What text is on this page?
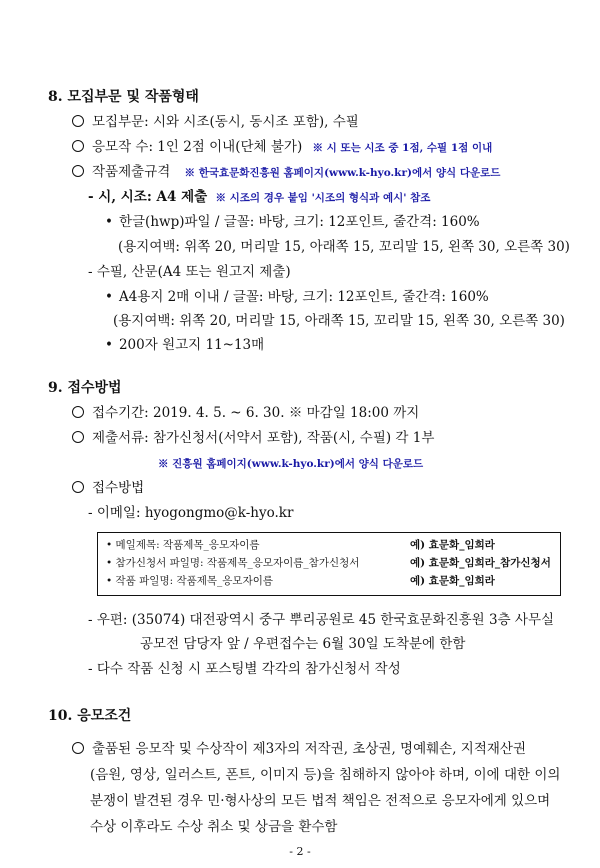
8. 모집부문 및 작품형태
모집부문: 시와 시조(동시, 동시조 포함), 수필
응모작 수: 1인 2점 이내(단체 불가) ※ 시 또는 시조 중 1점, 수필 1점 이내
작품제출규격 ※ 한국효문화진흥원 홈페이지(www.k-hyo.kr)에서 양식 다운로드
- 시, 시조: A4 제출 ※ 시조의 경우 붙임 '시조의 형식과 예시' 참조
• 한글(hwp)파일 / 글꼴: 바탕, 크기: 12포인트, 줄간격: 160%
(용지여백: 위쪽 20, 머리말 15, 아래쪽 15, 꼬리말 15, 왼쪽 30, 오른쪽 30)
- 수필, 산문(A4 또는 원고지 제출)
• A4용지 2매 이내 / 글꼴: 바탕, 크기: 12포인트, 줄간격: 160%
(용지여백: 위쪽 20, 머리말 15, 아래쪽 15, 꼬리말 15, 왼쪽 30, 오른쪽 30)
• 200자 원고지 11~13매
9. 접수방법
접수기간: 2019. 4. 5. ~ 6. 30. ※ 마감일 18:00 까지
제출서류: 참가신청서(서약서 포함), 작품(시, 수필) 각 1부
※ 진흥원 홈페이지(www.k-hyo.kr)에서 양식 다운로드
접수방법
- 이메일: hyogongmo@k-hyo.kr
• 메일제목: 작품제목_응모자이름	예) 효문화_임희라
• 참가신청서 파일명: 작품제목_응모자이름_참가신청서	예) 효문화_임희라_참가신청서
• 작품 파일명: 작품제목_응모자이름	예) 효문화_임희라
- 우편: (35074) 대전광역시 중구 뿌리공원로 45 한국효문화진흥원 3층 사무실
공모전 담당자 앞 / 우편접수는 6월 30일 도착분에 한함
- 다수 작품 신청 시 포스팅별 각각의 참가신청서 작성
10. 응모조건
출품된 응모작 및 수상작이 제3자의 저작권, 초상권, 명예훼손, 지적재산권
(음원, 영상, 일러스트, 폰트, 이미지 등)을 침해하지 않아야 하며, 이에 대한 이의
분쟁이 발견된 경우 민·형사상의 모든 법적 책임은 전적으로 응모자에게 있으며
수상 이후라도 수상 취소 및 상금을 환수함
- 2 -
